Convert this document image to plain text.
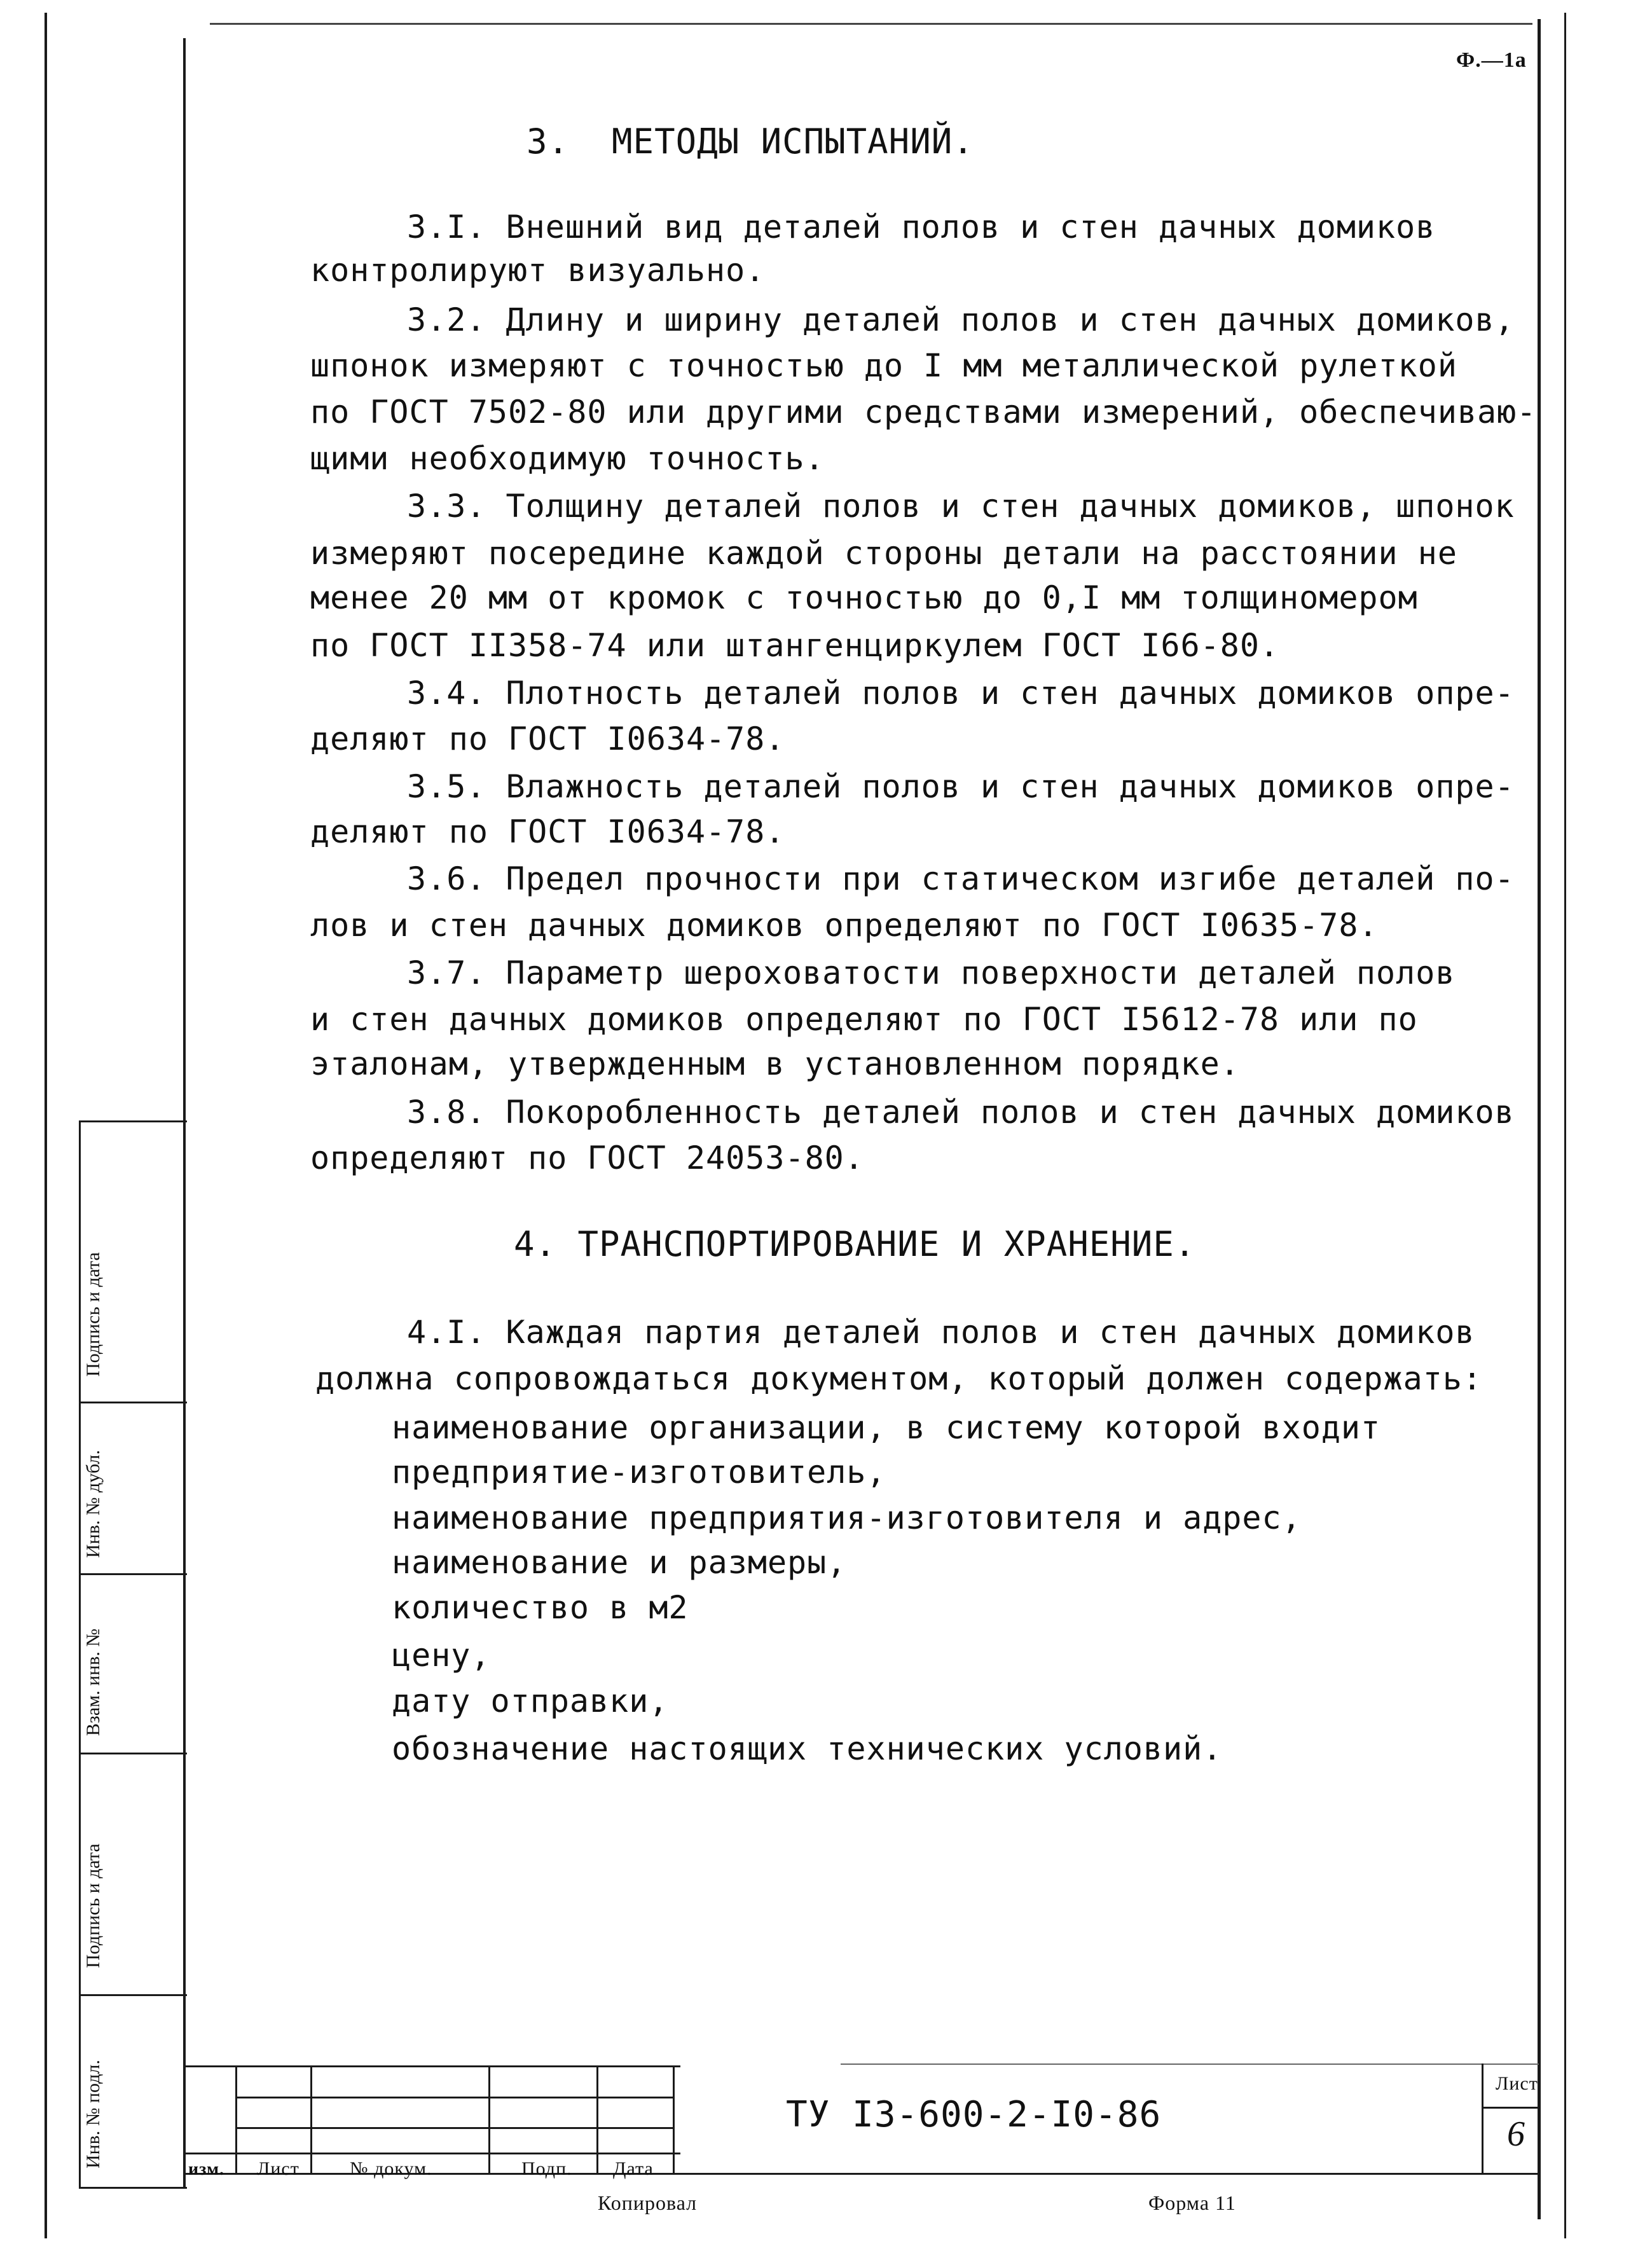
Подпись и дата
Инв. № дубл.
Взам. инв. №
Подпись и дата
Инв. № подл.
Ф.—1а
3.  МЕТОДЫ ИСПЫТАНИЙ.
3.I. Внешний вид деталей полов и стен дачных домиков
контролируют визуально.
3.2. Длину и ширину деталей полов и стен дачных домиков,
шпонок измеряют с точностью до I мм металлической рулеткой
по ГОСТ 7502-80 или другими средствами измерений, обеспечиваю-
щими необходимую точность.
3.3. Толщину деталей полов и стен дачных домиков, шпонок
измеряют посередине каждой стороны детали на расстоянии не
менее 20 мм от кромок с точностью до 0,I мм толщиномером
по ГОСТ II358-74 или штангенциркулем ГОСТ I66-80.
3.4. Плотность деталей полов и стен дачных домиков опре-
деляют по ГОСТ I0634-78.
3.5. Влажность деталей полов и стен дачных домиков опре-
деляют по ГОСТ I0634-78.
3.6. Предел прочности при статическом изгибе деталей по-
лов и стен дачных домиков определяют по ГОСТ I0635-78.
3.7. Параметр шероховатости поверхности деталей полов
и стен дачных домиков определяют по ГОСТ I5612-78 или по
эталонам, утвержденным в установленном порядке.
3.8. Покоробленность деталей полов и стен дачных домиков
определяют по ГОСТ 24053-80.
4. ТРАНСПОРТИРОВАНИЕ И ХРАНЕНИЕ.
4.I. Каждая партия деталей полов и стен дачных домиков
должна сопровождаться документом, который должен содержать:
наименование организации, в систему которой входит
предприятие-изготовитель,
наименование предприятия-изготовителя и адрес,
наименование и размеры,
количество в м2
цену,
дату отправки,
обозначение настоящих технических условий.
изм. Лист	№ докум.	Подп. Дата
ТУ I3-600-2-I0-86
Лист
6
Копировал	Форма 11
